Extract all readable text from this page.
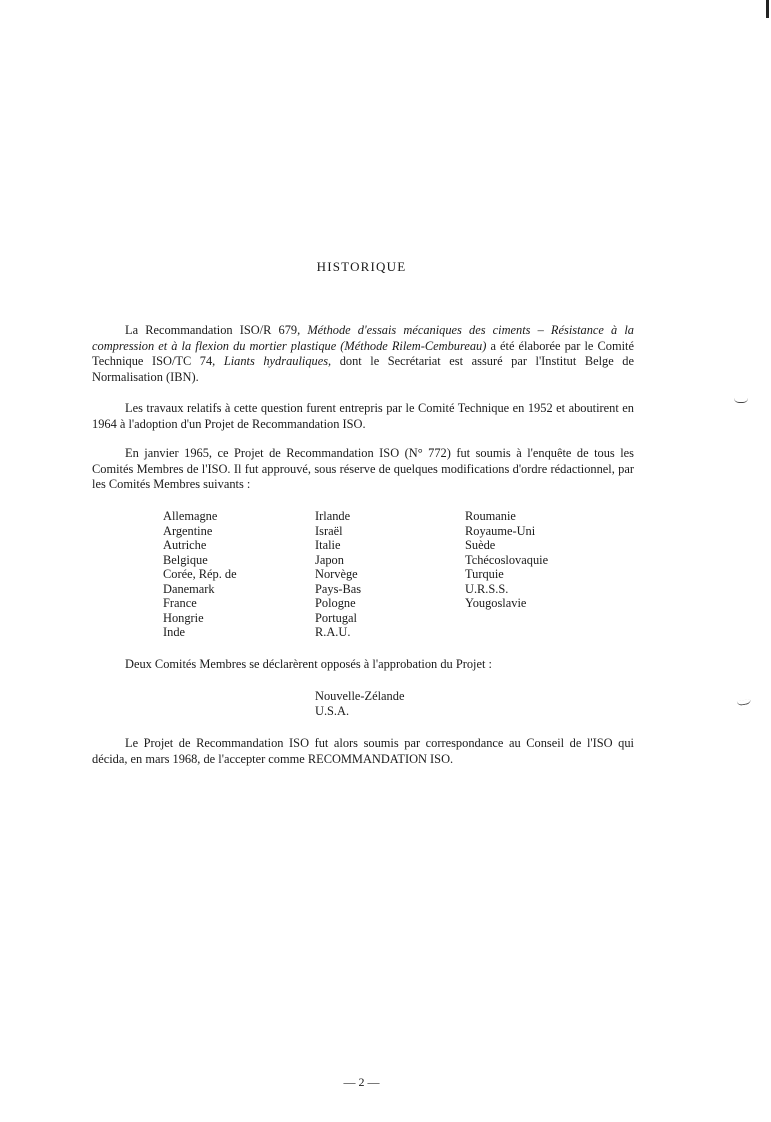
HISTORIQUE

La Recommandation ISO/R 679, Méthode d'essais mécaniques des ciments – Résistance à la compression et à la flexion du mortier plastique (Méthode Rilem-Cembureau) a été élaborée par le Comité Technique ISO/TC 74, Liants hydrauliques, dont le Secrétariat est assuré par l'Institut Belge de Normalisation (IBN).

Les travaux relatifs à cette question furent entrepris par le Comité Technique en 1952 et aboutirent en 1964 à l'adoption d'un Projet de Recommandation ISO.

En janvier 1965, ce Projet de Recommandation ISO (N° 772) fut soumis à l'enquête de tous les Comités Membres de l'ISO. Il fut approuvé, sous réserve de quelques modifications d'ordre rédactionnel, par les Comités Membres suivants :

Allemagne
Argentine
Autriche
Belgique
Corée, Rép. de
Danemark
France
Hongrie
Inde
Irlande
Israël
Italie
Japon
Norvège
Pays-Bas
Pologne
Portugal
R.A.U.
Roumanie
Royaume-Uni
Suède
Tchécoslovaquie
Turquie
U.R.S.S.
Yougoslavie

Deux Comités Membres se déclarèrent opposés à l'approbation du Projet :

Nouvelle-Zélande
U.S.A.

Le Projet de Recommandation ISO fut alors soumis par correspondance au Conseil de l'ISO qui décida, en mars 1968, de l'accepter comme RECOMMANDATION ISO.

— 2 —
